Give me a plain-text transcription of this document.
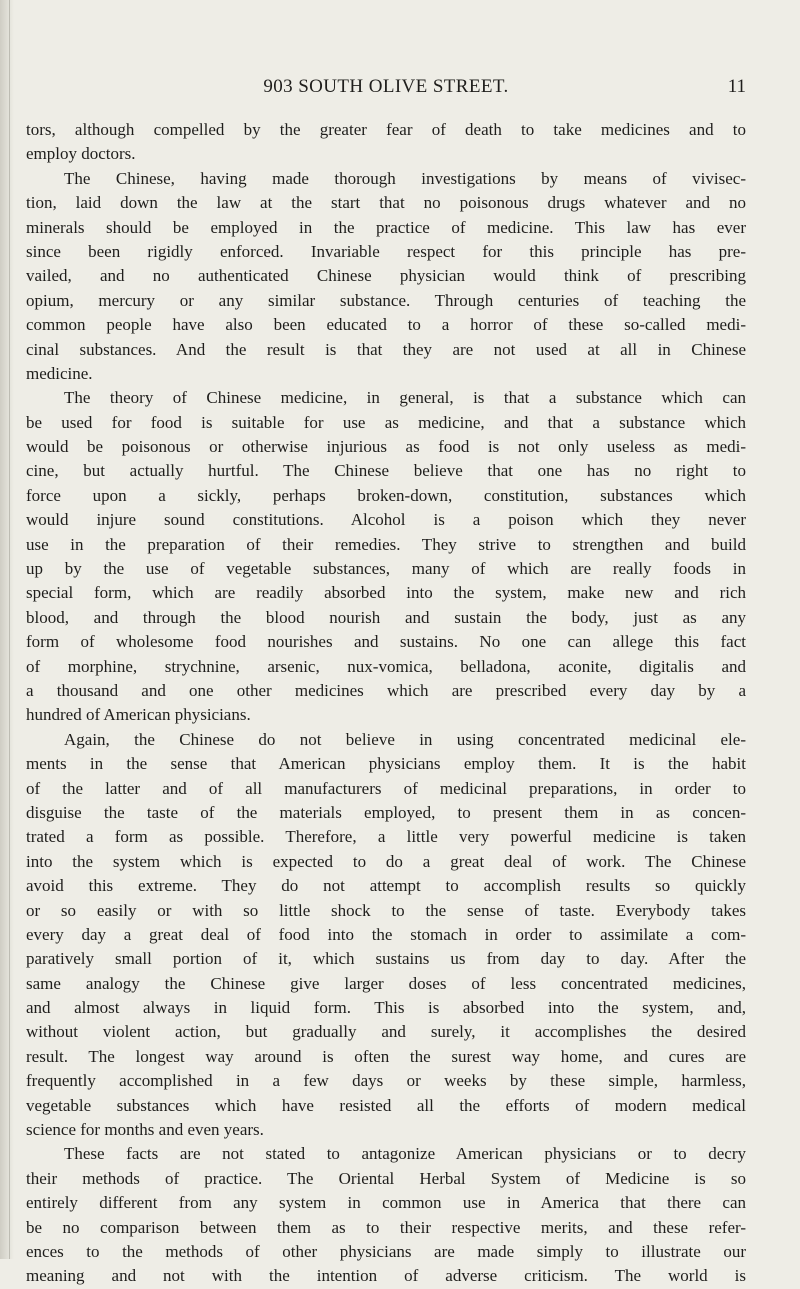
903 SOUTH OLIVE STREET.	11
tors, although compelled by the greater fear of death to take medicines and to
employ doctors.
The Chinese, having made thorough investigations by means of vivisec-
tion, laid down the law at the start that no poisonous drugs whatever and no
minerals should be employed in the practice of medicine. This law has ever
since been rigidly enforced. Invariable respect for this principle has pre-
vailed, and no authenticated Chinese physician would think of prescribing
opium, mercury or any similar substance. Through centuries of teaching the
common people have also been educated to a horror of these so-called medi-
cinal substances. And the result is that they are not used at all in Chinese
medicine.
The theory of Chinese medicine, in general, is that a substance which can
be used for food is suitable for use as medicine, and that a substance which
would be poisonous or otherwise injurious as food is not only useless as medi-
cine, but actually hurtful. The Chinese believe that one has no right to
force upon a sickly, perhaps broken-down, constitution, substances which
would injure sound constitutions. Alcohol is a poison which they never
use in the preparation of their remedies. They strive to strengthen and build
up by the use of vegetable substances, many of which are really foods in
special form, which are readily absorbed into the system, make new and rich
blood, and through the blood nourish and sustain the body, just as any
form of wholesome food nourishes and sustains. No one can allege this fact
of morphine, strychnine, arsenic, nux-vomica, belladona, aconite, digitalis and
a thousand and one other medicines which are prescribed every day by a
hundred of American physicians.
Again, the Chinese do not believe in using concentrated medicinal ele-
ments in the sense that American physicians employ them. It is the habit
of the latter and of all manufacturers of medicinal preparations, in order to
disguise the taste of the materials employed, to present them in as concen-
trated a form as possible. Therefore, a little very powerful medicine is taken
into the system which is expected to do a great deal of work. The Chinese
avoid this extreme. They do not attempt to accomplish results so quickly
or so easily or with so little shock to the sense of taste. Everybody takes
every day a great deal of food into the stomach in order to assimilate a com-
paratively small portion of it, which sustains us from day to day. After the
same analogy the Chinese give larger doses of less concentrated medicines,
and almost always in liquid form. This is absorbed into the system, and,
without violent action, but gradually and surely, it accomplishes the desired
result. The longest way around is often the surest way home, and cures are
frequently accomplished in a few days or weeks by these simple, harmless,
vegetable substances which have resisted all the efforts of modern medical
science for months and even years.
These facts are not stated to antagonize American physicians or to decry
their methods of practice. The Oriental Herbal System of Medicine is so
entirely different from any system in common use in America that there can
be no comparison between them as to their respective merits, and these refer-
ences to the methods of other physicians are made simply to illustrate our
meaning and not with the intention of adverse criticism. The world is
